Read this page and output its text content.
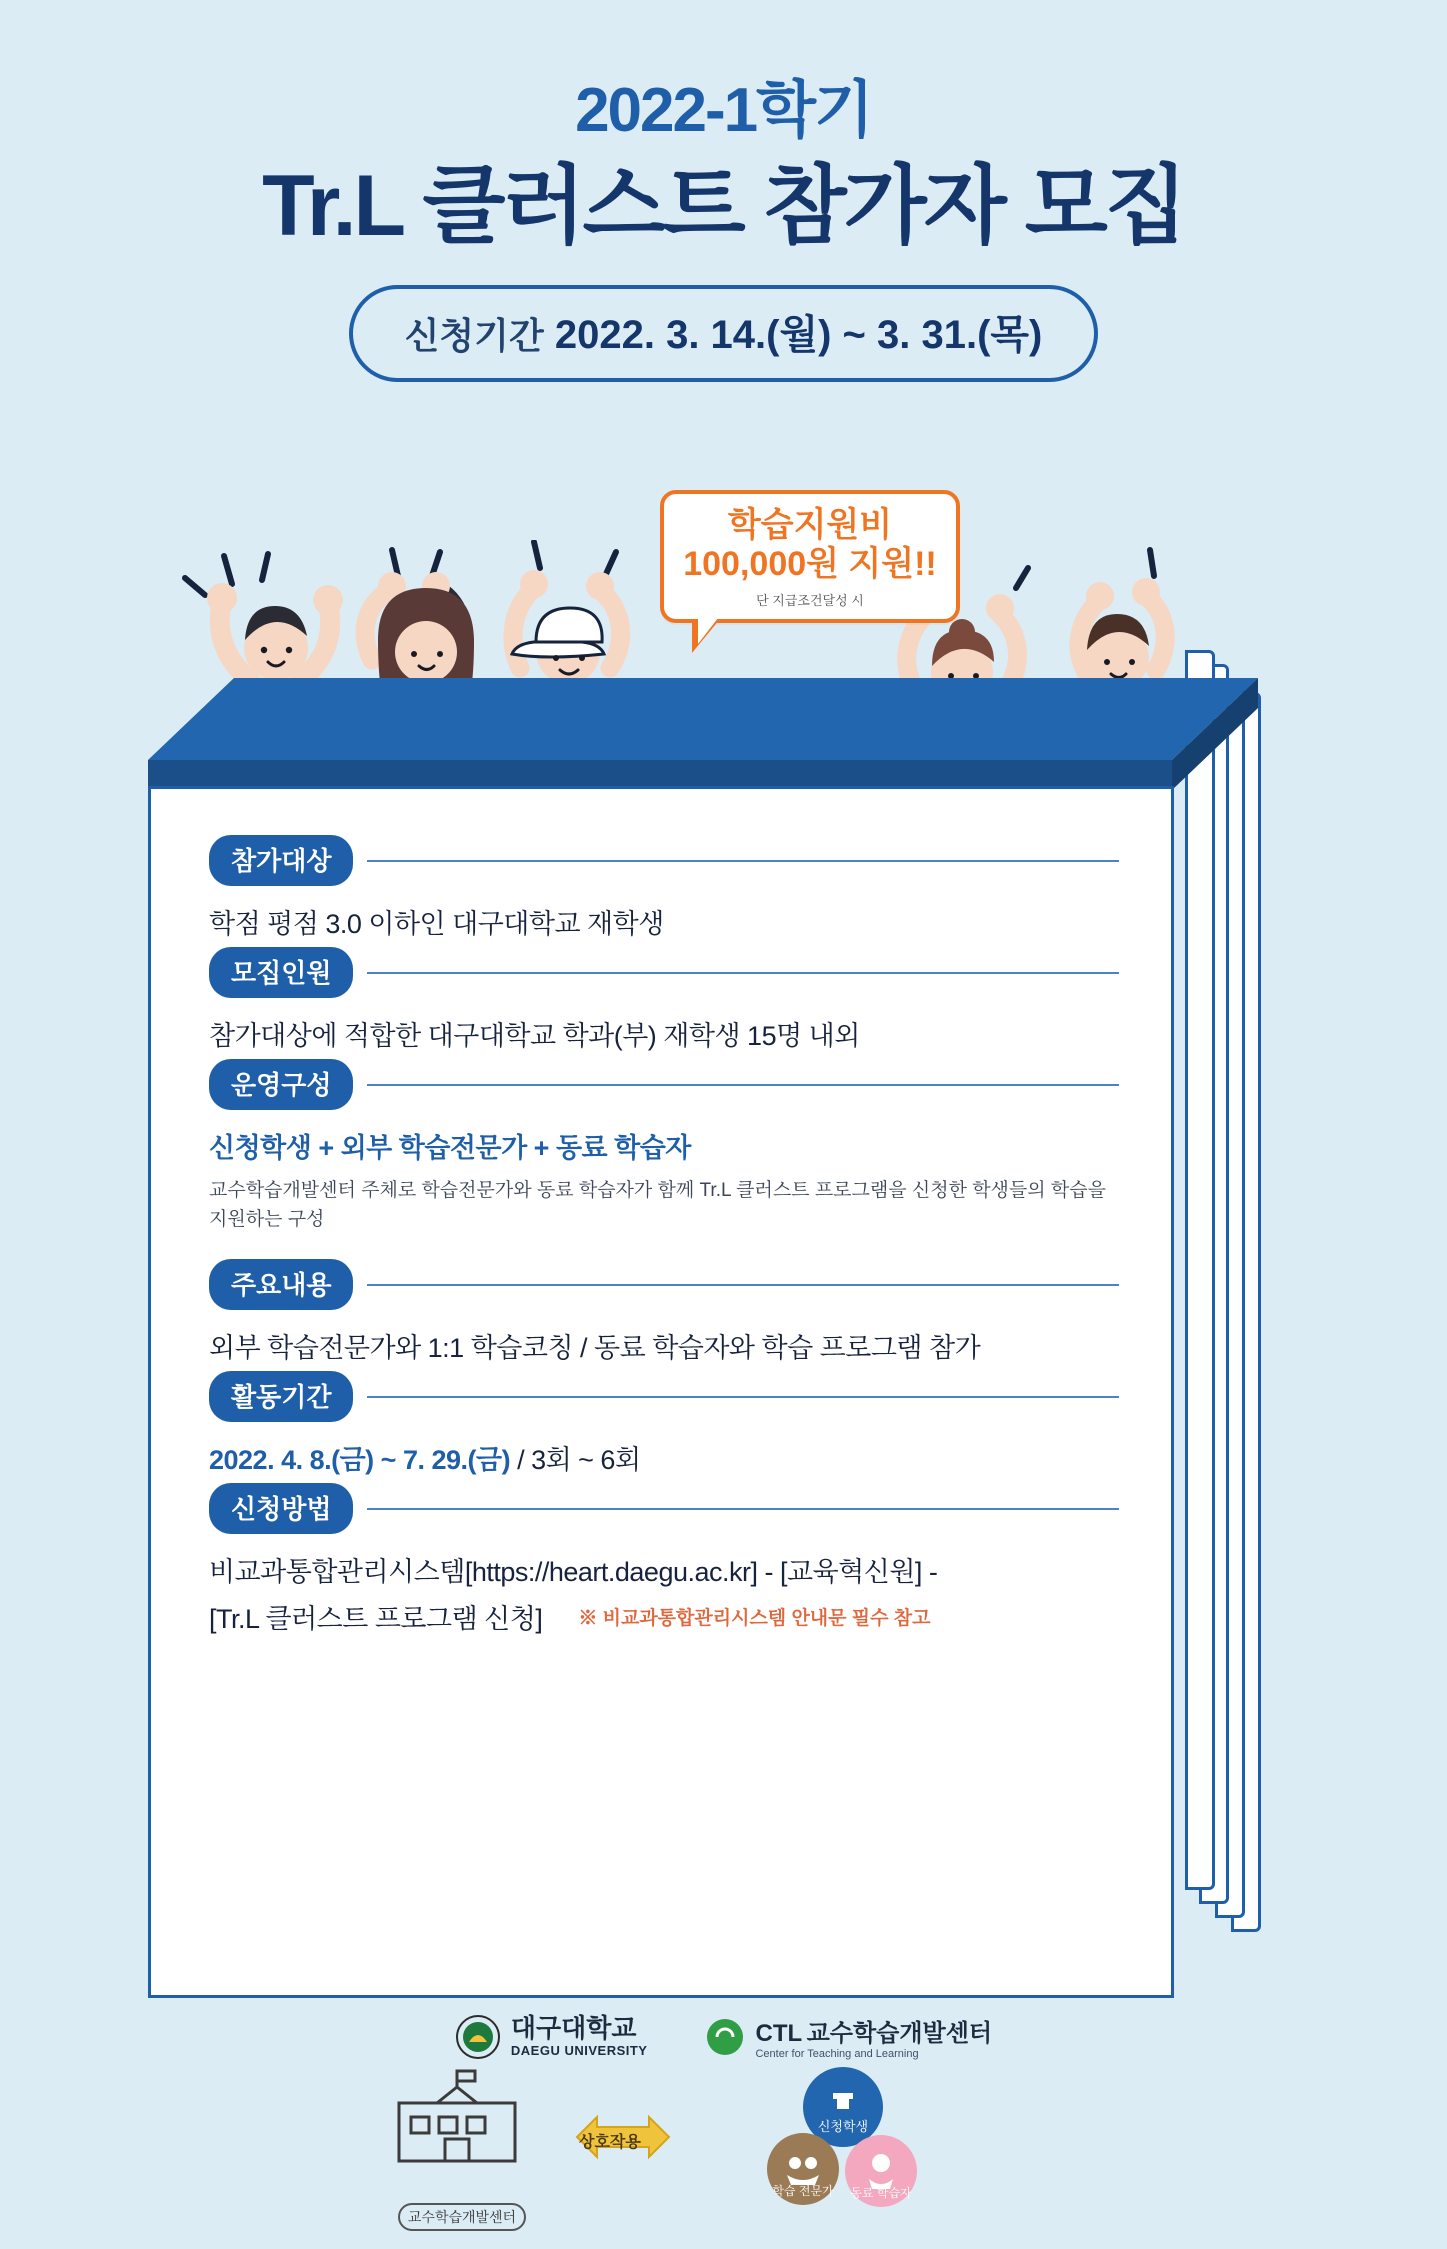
2022-1학기
Tr.L 클러스트 참가자 모집
신청기간 2022. 3. 14.(월) ~ 3. 31.(목)
참가대상
학점 평점 3.0 이하인 대구대학교 재학생
모집인원
참가대상에 적합한 대구대학교 학과(부) 재학생 15명 내외
운영구성
신청학생 + 외부 학습전문가 + 동료 학습자
교수학습개발센터 주체로 학습전문가와 동료 학습자가 함께 Tr.L 클러스트 프로그램을 신청한 학생들의 학습을 지원하는 구성
신청학생
학습 전문가 동료 학습자
상호작용
교수학습개발센터
주요내용
외부 학습전문가와 1:1 학습코칭 / 동료 학습자와 학습 프로그램 참가
활동기간
2022. 4. 8.(금) ~ 7. 29.(금) / 3회 ~ 6회
신청방법
비교과통합관리시스템[https://heart.daegu.ac.kr] - [교육혁신원] -
[Tr.L 클러스트 프로그램 신청] ※ 비교과통합관리시스템 안내문 필수 참고
학습지원비
100,000원 지원!!
단 지급조건달성 시
대구대학교
DAEGU UNIVERSITY
CTL 교수학습개발센터
Center for Teaching and Learning
